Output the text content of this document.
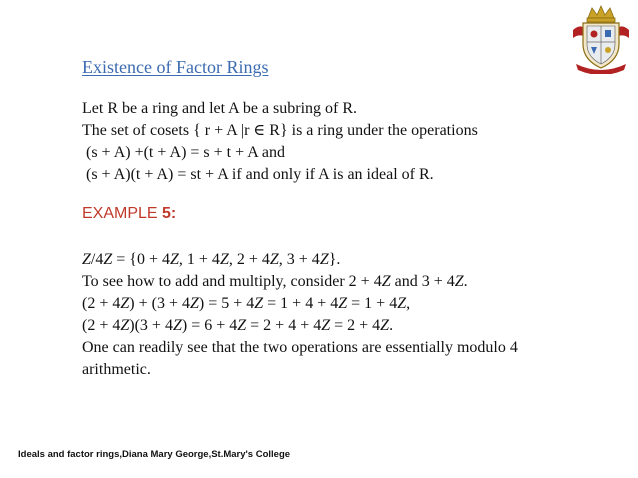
Existence of Factor Rings
Let R be a ring and let A be a subring of R.
The set of cosets { r + A |r ∈ R} is a ring under the operations
(s + A) +(t + A) = s + t + A and
(s + A)(t + A) = st + A if and only if A is an ideal of R.
EXAMPLE 5:
Z/4Z = {0 + 4Z, 1 + 4Z, 2 + 4Z, 3 + 4Z}.
To see how to add and multiply, consider 2 + 4Z and 3 + 4Z.
(2 + 4Z) + (3 + 4Z) = 5 + 4Z = 1 + 4 + 4Z = 1 + 4Z,
(2 + 4Z)(3 + 4Z) = 6 + 4Z = 2 + 4 + 4Z = 2 + 4Z.
One can readily see that the two operations are essentially modulo 4
arithmetic.
Ideals and factor rings,Diana Mary George,St.Mary's College
